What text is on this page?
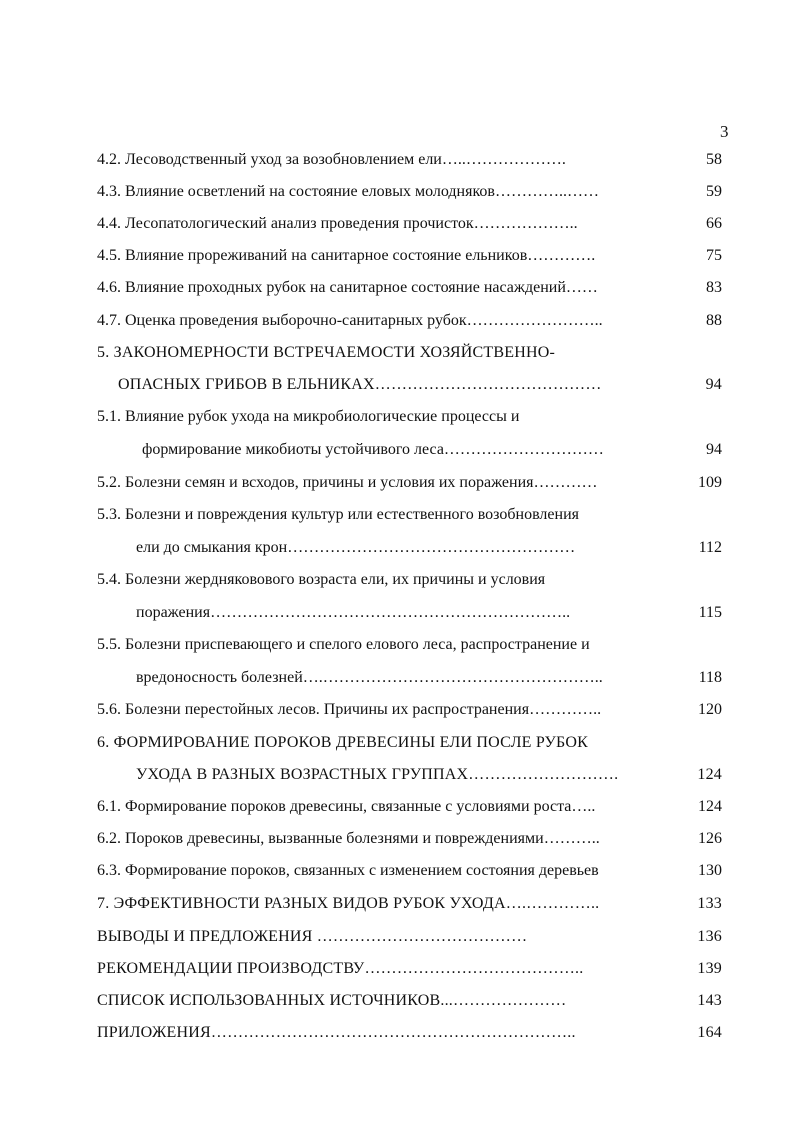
3
4.2. Лесоводственный уход за возобновлением ели…..……………….	58
4.3. Влияние осветлений на состояние еловых молодняков…………..……	59
4.4. Лесопатологический анализ проведения прочисток………………..	66
4.5. Влияние прореживаний на санитарное состояние ельников………….	75
4.6. Влияние проходных рубок на санитарное состояние насаждений……	83
4.7. Оценка проведения выборочно-санитарных рубок……………………..	88
5. ЗАКОНОМЕРНОСТИ ВСТРЕЧАЕМОСТИ ХОЗЯЙСТВЕННО-
ОПАСНЫХ ГРИБОВ В ЕЛЬНИКАХ……………………………………	94
5.1. Влияние рубок ухода на микробиологические процессы и
формирование микобиоты устойчивого леса…………………………	94
5.2. Болезни семян и всходов, причины и условия их поражения…………	109
5.3. Болезни и повреждения культур или естественного возобновления
ели до смыкания крон………………………………………………	112
5.4. Болезни жердняковового возраста ели, их причины и условия
поражения…………………………………………………………..	115
5.5. Болезни приспевающего и спелого елового леса, распространение и
вредоносность болезней….……………………………………………..	118
5.6. Болезни перестойных лесов. Причины их распространения…………..	120
6. ФОРМИРОВАНИЕ ПОРОКОВ ДРЕВЕСИНЫ ЕЛИ ПОСЛЕ РУБОК
УХОДА В РАЗНЫХ ВОЗРАСТНЫХ ГРУППАХ……………………….	124
6.1. Формирование пороков древесины, связанные с условиями роста…..	124
6.2. Пороков древесины, вызванные болезнями и повреждениями………..	126
6.3. Формирование пороков, связанных с изменением состояния деревьев	130
7. ЭФФЕКТИВНОСТИ РАЗНЫХ ВИДОВ РУБОК УХОДА….…………..	133
ВЫВОДЫ И ПРЕДЛОЖЕНИЯ …………………………………	136
РЕКОМЕНДАЦИИ ПРОИЗВОДСТВУ…………………………………..	139
СПИСОК ИСПОЛЬЗОВАННЫХ ИСТОЧНИКОВ...…………………	143
ПРИЛОЖЕНИЯ…………………………………………………………..	164
